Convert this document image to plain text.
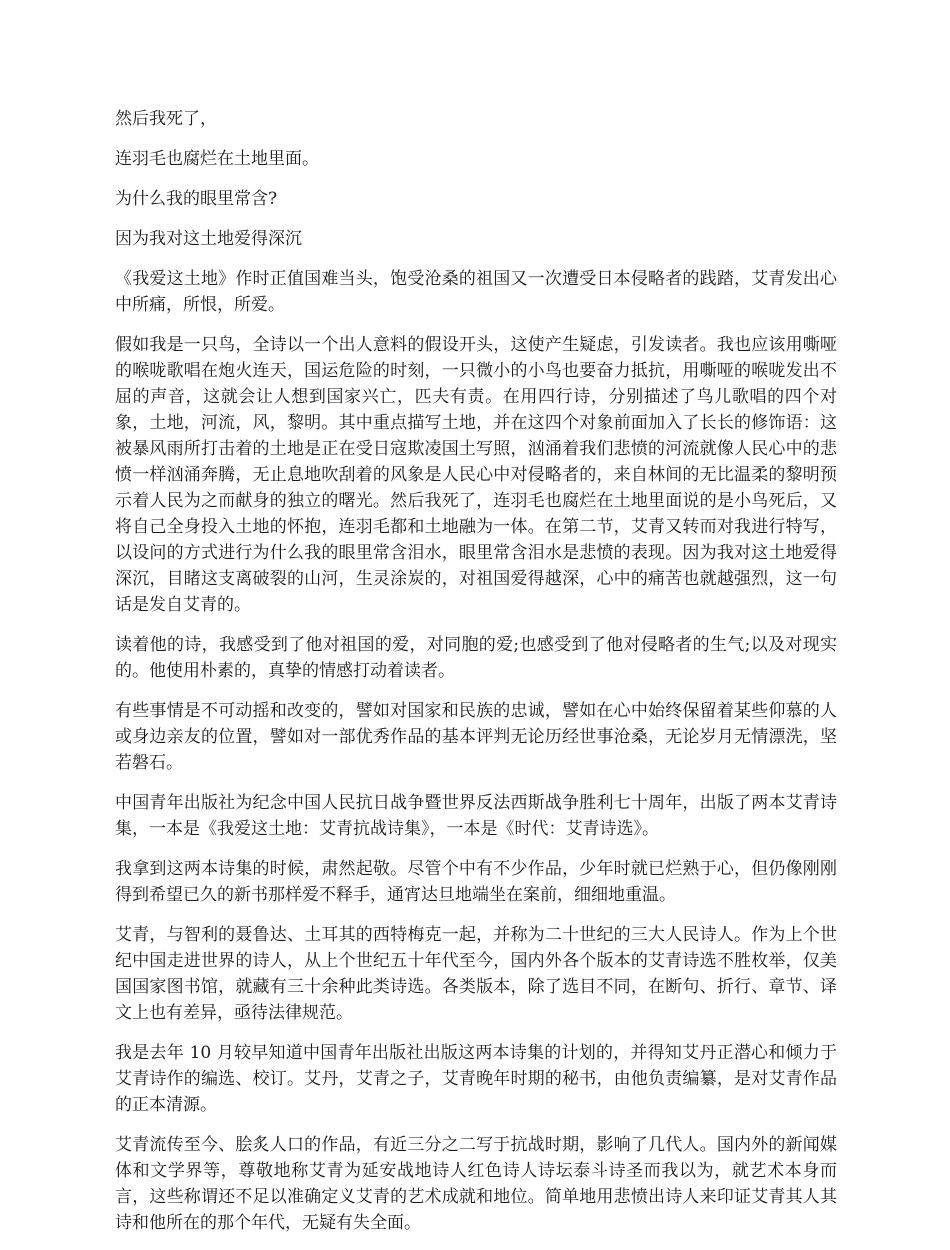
然后我死了，

连羽毛也腐烂在土地里面。

为什么我的眼里常含?

因为我对这土地爱得深沉

《我爱这土地》作时正值国难当头，饱受沧桑的祖国又一次遭受日本侵略者的践踏，艾青发出心中所痛，所恨，所爱。

假如我是一只鸟，全诗以一个出人意料的假设开头，这使产生疑虑，引发读者。我也应该用嘶哑的喉咙歌唱在炮火连天，国运危险的时刻，一只微小的小鸟也要奋力抵抗，用嘶哑的喉咙发出不屈的声音，这就会让人想到国家兴亡，匹夫有责。在用四行诗，分别描述了鸟儿歌唱的四个对象，土地，河流，风，黎明。其中重点描写土地，并在这四个对象前面加入了长长的修饰语：这被暴风雨所打击着的土地是正在受日寇欺凌国土写照，汹涌着我们悲愤的河流就像人民心中的悲愤一样汹涌奔腾，无止息地吹刮着的风象是人民心中对侵略者的，来自林间的无比温柔的黎明预示着人民为之而献身的独立的曙光。然后我死了，连羽毛也腐烂在土地里面说的是小鸟死后，又将自己全身投入土地的怀抱，连羽毛都和土地融为一体。在第二节，艾青又转而对我进行特写，以设问的方式进行为什么我的眼里常含泪水，眼里常含泪水是悲愤的表现。因为我对这土地爱得深沉，目睹这支离破裂的山河，生灵涂炭的，对祖国爱得越深，心中的痛苦也就越强烈，这一句话是发自艾青的。

读着他的诗，我感受到了他对祖国的爱，对同胞的爱;也感受到了他对侵略者的生气;以及对现实的。他使用朴素的，真挚的情感打动着读者。

有些事情是不可动摇和改变的，譬如对国家和民族的忠诚，譬如在心中始终保留着某些仰慕的人或身边亲友的位置，譬如对一部优秀作品的基本评判无论历经世事沧桑，无论岁月无情漂洗，坚若磐石。

中国青年出版社为纪念中国人民抗日战争暨世界反法西斯战争胜利七十周年，出版了两本艾青诗集，一本是《我爱这土地：艾青抗战诗集》，一本是《时代：艾青诗选》。

我拿到这两本诗集的时候，肃然起敬。尽管个中有不少作品，少年时就已烂熟于心，但仍像刚刚得到希望已久的新书那样爱不释手，通宵达旦地端坐在案前，细细地重温。

艾青，与智利的聂鲁达、土耳其的西特梅克一起，并称为二十世纪的三大人民诗人。作为上个世纪中国走进世界的诗人，从上个世纪五十年代至今，国内外各个版本的艾青诗选不胜枚举，仅美国国家图书馆，就藏有三十余种此类诗选。各类版本，除了选目不同，在断句、折行、章节、译文上也有差异，亟待法律规范。

我是去年 10 月较早知道中国青年出版社出版这两本诗集的计划的，并得知艾丹正潜心和倾力于艾青诗作的编选、校订。艾丹，艾青之子，艾青晚年时期的秘书，由他负责编纂，是对艾青作品的正本清源。

艾青流传至今、脍炙人口的作品，有近三分之二写于抗战时期，影响了几代人。国内外的新闻媒体和文学界等，尊敬地称艾青为延安战地诗人红色诗人诗坛泰斗诗圣而我以为，就艺术本身而言，这些称谓还不足以准确定义艾青的艺术成就和地位。简单地用悲愤出诗人来印证艾青其人其诗和他所在的那个年代，无疑有失全面。
